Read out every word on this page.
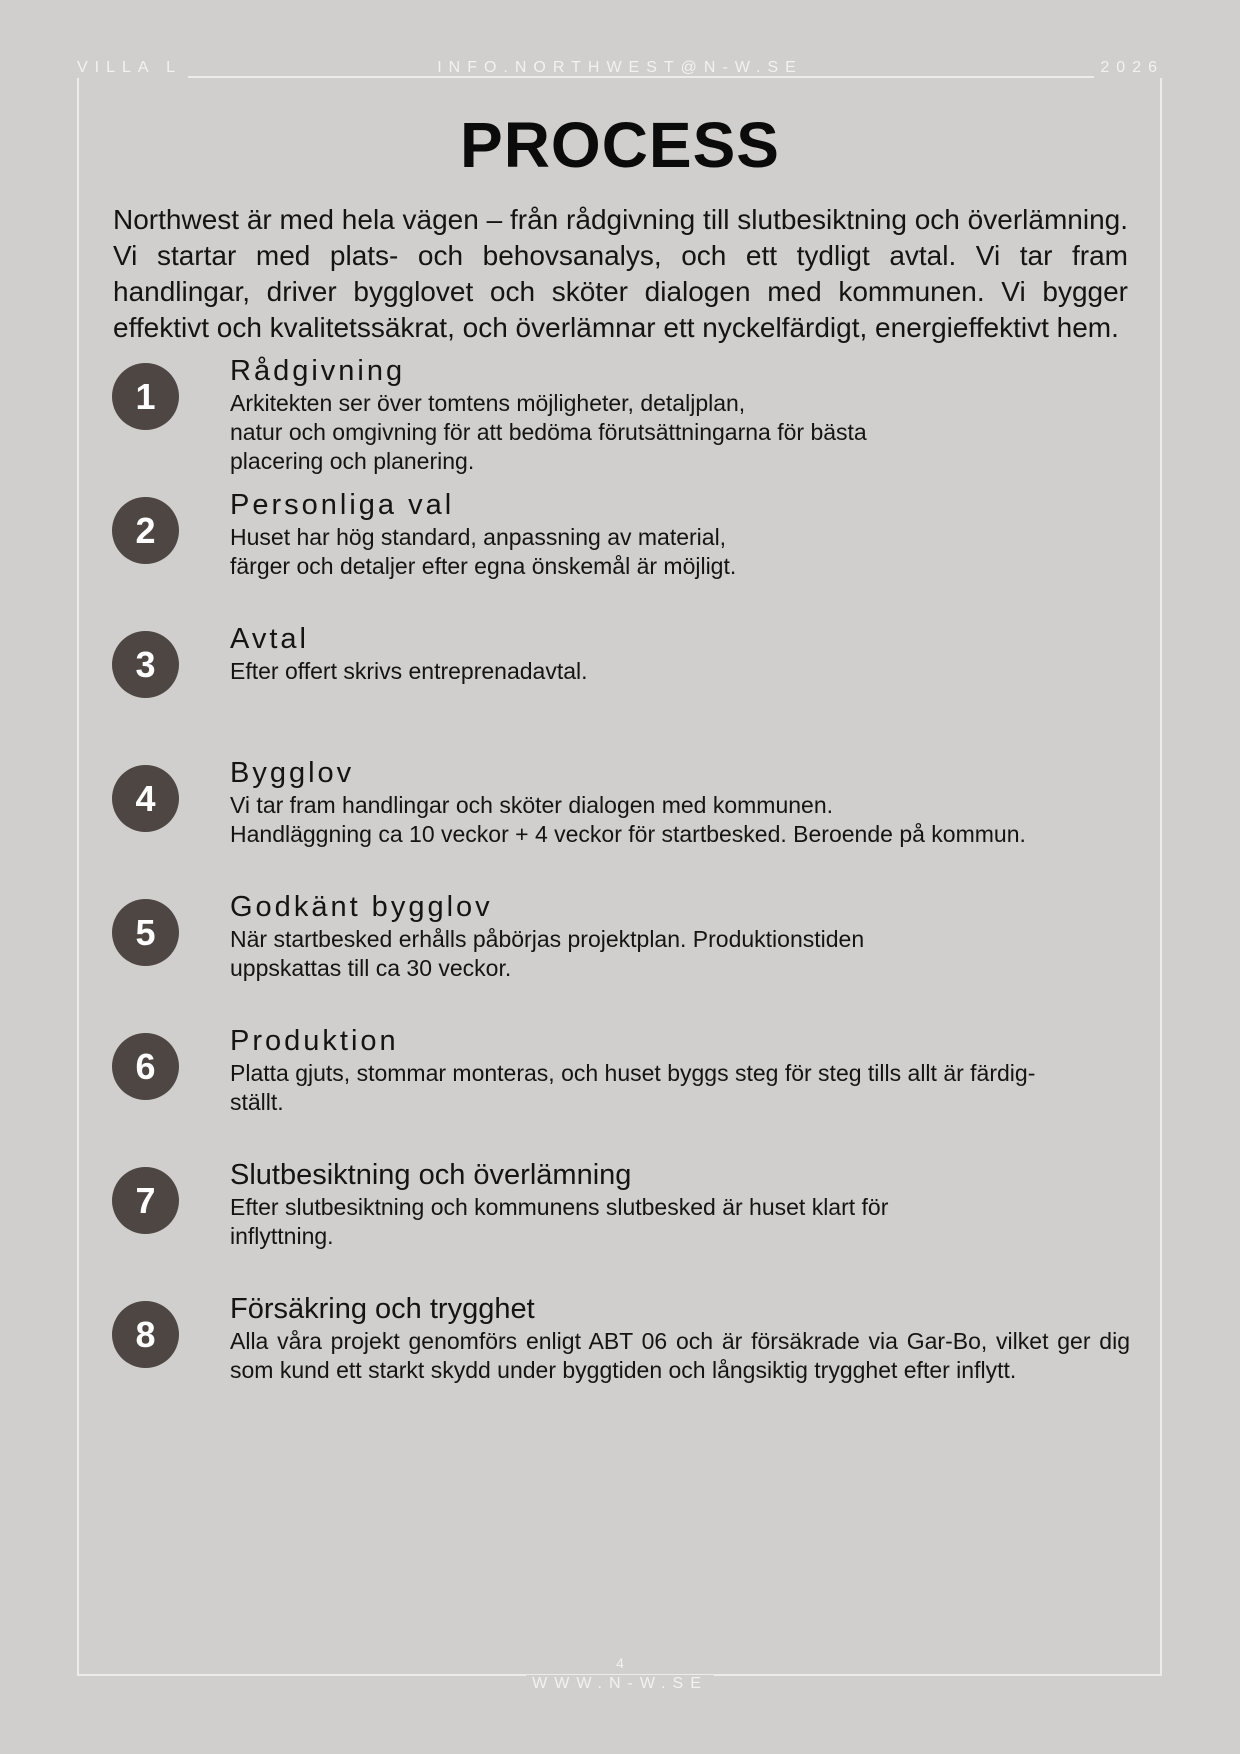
VILLA L	INFO.NORTHWEST@N-W.SE	2026
PROCESS
Northwest är med hela vägen – från rådgivning till slutbesiktning och överlämning. Vi startar med plats- och behovsanalys, och ett tydligt avtal. Vi tar fram handlingar, driver bygglovet och sköter dialogen med kommunen. Vi bygger effektivt och kvalitetssäkrat, och överlämnar ett nyckelfärdigt, energieffektivt hem.
1
Rådgivning
Arkitekten ser över tomtens möjligheter, detaljplan,
natur och omgivning för att bedöma förutsättningarna för bästa
placering och planering.
2
Personliga val
Huset har hög standard, anpassning av material,
färger och detaljer efter egna önskemål är möjligt.
3
Avtal
Efter offert skrivs entreprenadavtal.
4
Bygglov
Vi tar fram handlingar och sköter dialogen med kommunen.
Handläggning ca 10 veckor + 4 veckor för startbesked. Beroende på kommun.
5
Godkänt bygglov
När startbesked erhålls påbörjas projektplan. Produktionstiden
uppskattas till ca 30 veckor.
6
Produktion
Platta gjuts, stommar monteras, och huset byggs steg för steg tills allt är färdig-
ställt.
7
Slutbesiktning och överlämning
Efter slutbesiktning och kommunens slutbesked är huset klart för
inflyttning.
8
Försäkring och trygghet
Alla våra projekt genomförs enligt ABT 06 och är försäkrade via Gar-Bo, vilket ger dig som kund ett starkt skydd under byggtiden och långsiktig trygghet efter inflytt.
4
WWW.N-W.SE
